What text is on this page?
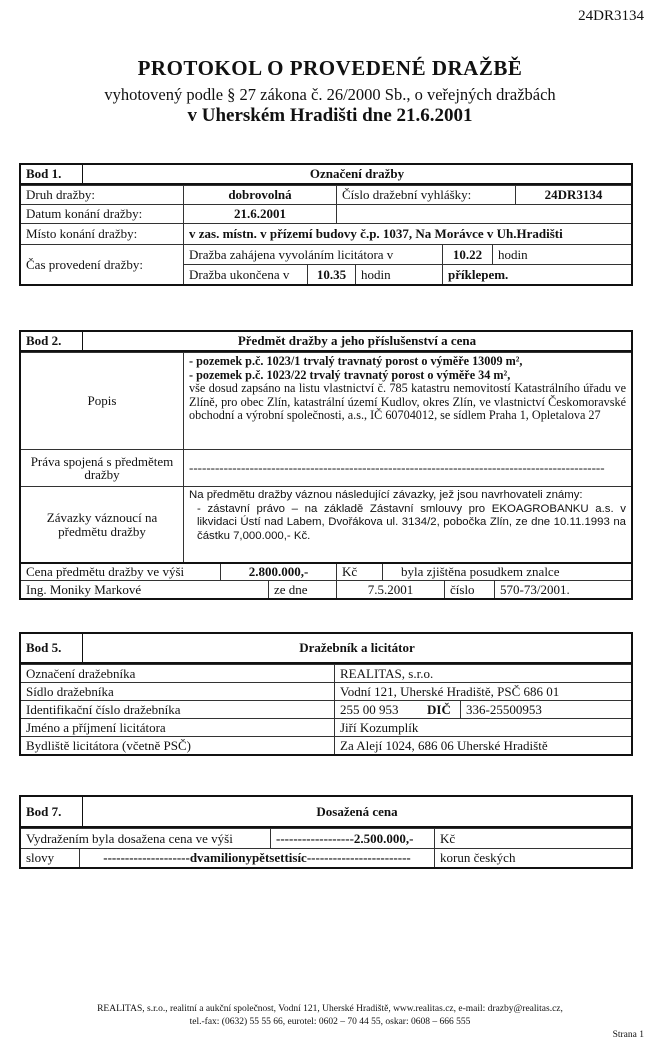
24DR3134
PROTOKOL O PROVEDENÉ DRAŽBĚ
vyhotovený podle § 27 zákona č. 26/2000 Sb., o veřejných dražbách
v Uherském Hradišti dne 21.6.2001
Bod 1.	Označení dražby
Druh dražby:	dobrovolná	Číslo dražební vyhlášky:	24DR3134
Datum konání dražby:	21.6.2001
Místo konání dražby:	v zas. místn. v přízemí budovy č.p. 1037, Na Morávce v Uh.Hradišti
Čas provedení dražby:
Dražba zahájena vyvoláním licitátora v	10.22	hodin
Dražba ukončena v	10.35	hodin	příklepem.
Bod 2.	Předmět dražby a jeho příslušenství a cena
Popis
- pozemek p.č. 1023/1 trvalý travnatý porost o výměře 13009 m²,
- pozemek p.č. 1023/22 trvalý travnatý porost o výměře 34 m²,
vše dosud zapsáno na listu vlastnictví č. 785 katastru nemovitostí Katastrálního úřadu ve Zlíně, pro obec Zlín, katastrální území Kudlov, okres Zlín, ve vlastnictví Českomoravské obchodní a výrobní společnosti, a.s., IČ 60704012, se sídlem Praha 1, Opletalova 27
Práva spojená s předmětem dražby	------------------------------------------------------------------------------------------------
Závazky váznoucí na předmětu dražby
Na předmětu dražby váznou následující závazky, jež jsou navrhovateli známy:
- zástavní právo – na základě Zástavní smlouvy pro EKOAGROBANKU a.s. v likvidaci Ústí nad Labem, Dvořákova ul. 3134/2, pobočka Zlín, ze dne 10.11.1993 na částku 7,000.000,- Kč.
Cena předmětu dražby ve výši	2.800.000,-	Kč	byla zjištěna posudkem znalce
Ing. Moniky Markové	ze dne	7.5.2001	číslo	570-73/2001.
Bod 5.	Dražebník a licitátor
Označení dražebníka	REALITAS, s.r.o.
Sídlo dražebníka	Vodní 121, Uherské Hradiště, PSČ 686 01
Identifikační číslo dražebníka	255 00 953	DIČ	336-25500953
Jméno a příjmení licitátora	Jiří Kozumplík
Bydliště licitátora (včetně PSČ)	Za Alejí 1024, 686 06 Uherské Hradiště
Bod 7.	Dosažená cena
Vydražením byla dosažena cena ve výši	------------------2.500.000,-	Kč
slovy	--------------------dvamilionypětsettisíc------------------------	korun českých
REALITAS, s.r.o., realitní a aukční společnost, Vodní 121, Uherské Hradiště, www.realitas.cz, e-mail: drazby@realitas.cz,
tel.-fax: (0632) 55 55 66, eurotel: 0602 – 70 44 55, oskar: 0608 – 666 555
Strana 1
